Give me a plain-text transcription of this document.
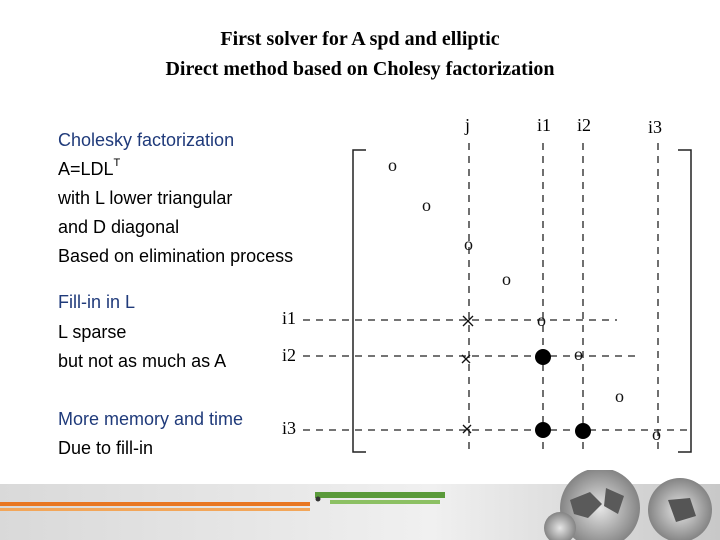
First solver for A spd and elliptic
Direct method based on Cholesy factorization
Cholesky factorization
$A=LDL^T$
with L lower triangular
and D diagonal
Based on elimination process
Fill-in in L
L sparse
but not as much as A
More memory and time
Due to fill-in
j	i1 i2	i3
i1
i2
i3
o
o
o
o
o
o
o
o
